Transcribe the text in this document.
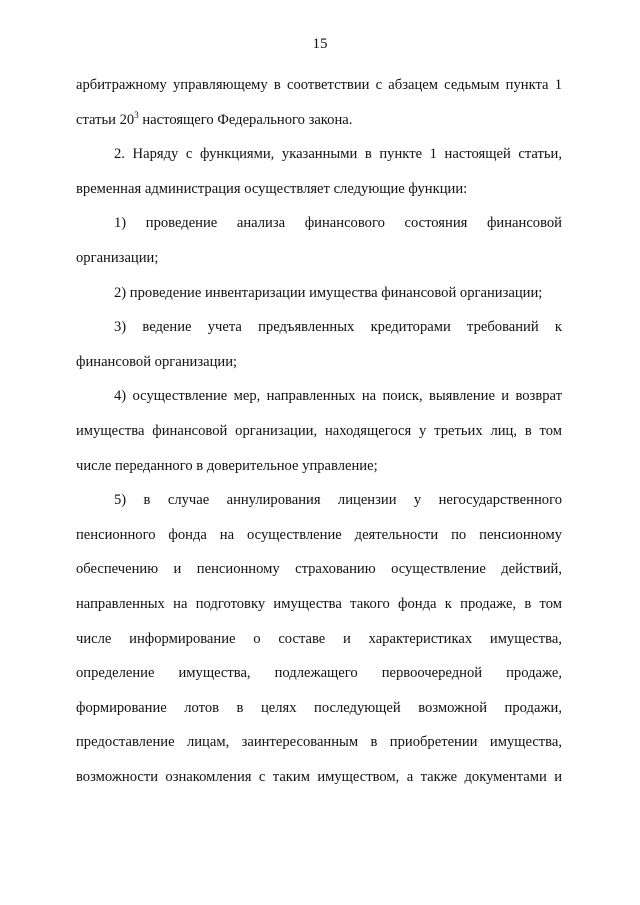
15
арбитражному управляющему в соответствии с абзацем седьмым пункта 1
статьи $20^3$ настоящего Федерального закона.
2. Наряду с функциями, указанными в пункте 1 настоящей статьи,
временная администрация осуществляет следующие функции:
1) проведение анализа финансового состояния финансовой
организации;
2) проведение инвентаризации имущества финансовой организации;
3) ведение учета предъявленных кредиторами требований к
финансовой организации;
4) осуществление мер, направленных на поиск, выявление и возврат
имущества финансовой организации, находящегося у третьих лиц, в том
числе переданного в доверительное управление;
5) в случае аннулирования лицензии у негосударственного
пенсионного фонда на осуществление деятельности по пенсионному
обеспечению и пенсионному страхованию осуществление действий,
направленных на подготовку имущества такого фонда к продаже, в том
числе информирование о составе и характеристиках имущества,
определение имущества, подлежащего первоочередной продаже,
формирование лотов в целях последующей возможной продажи,
предоставление лицам, заинтересованным в приобретении имущества,
возможности ознакомления с таким имуществом, а также документами и
